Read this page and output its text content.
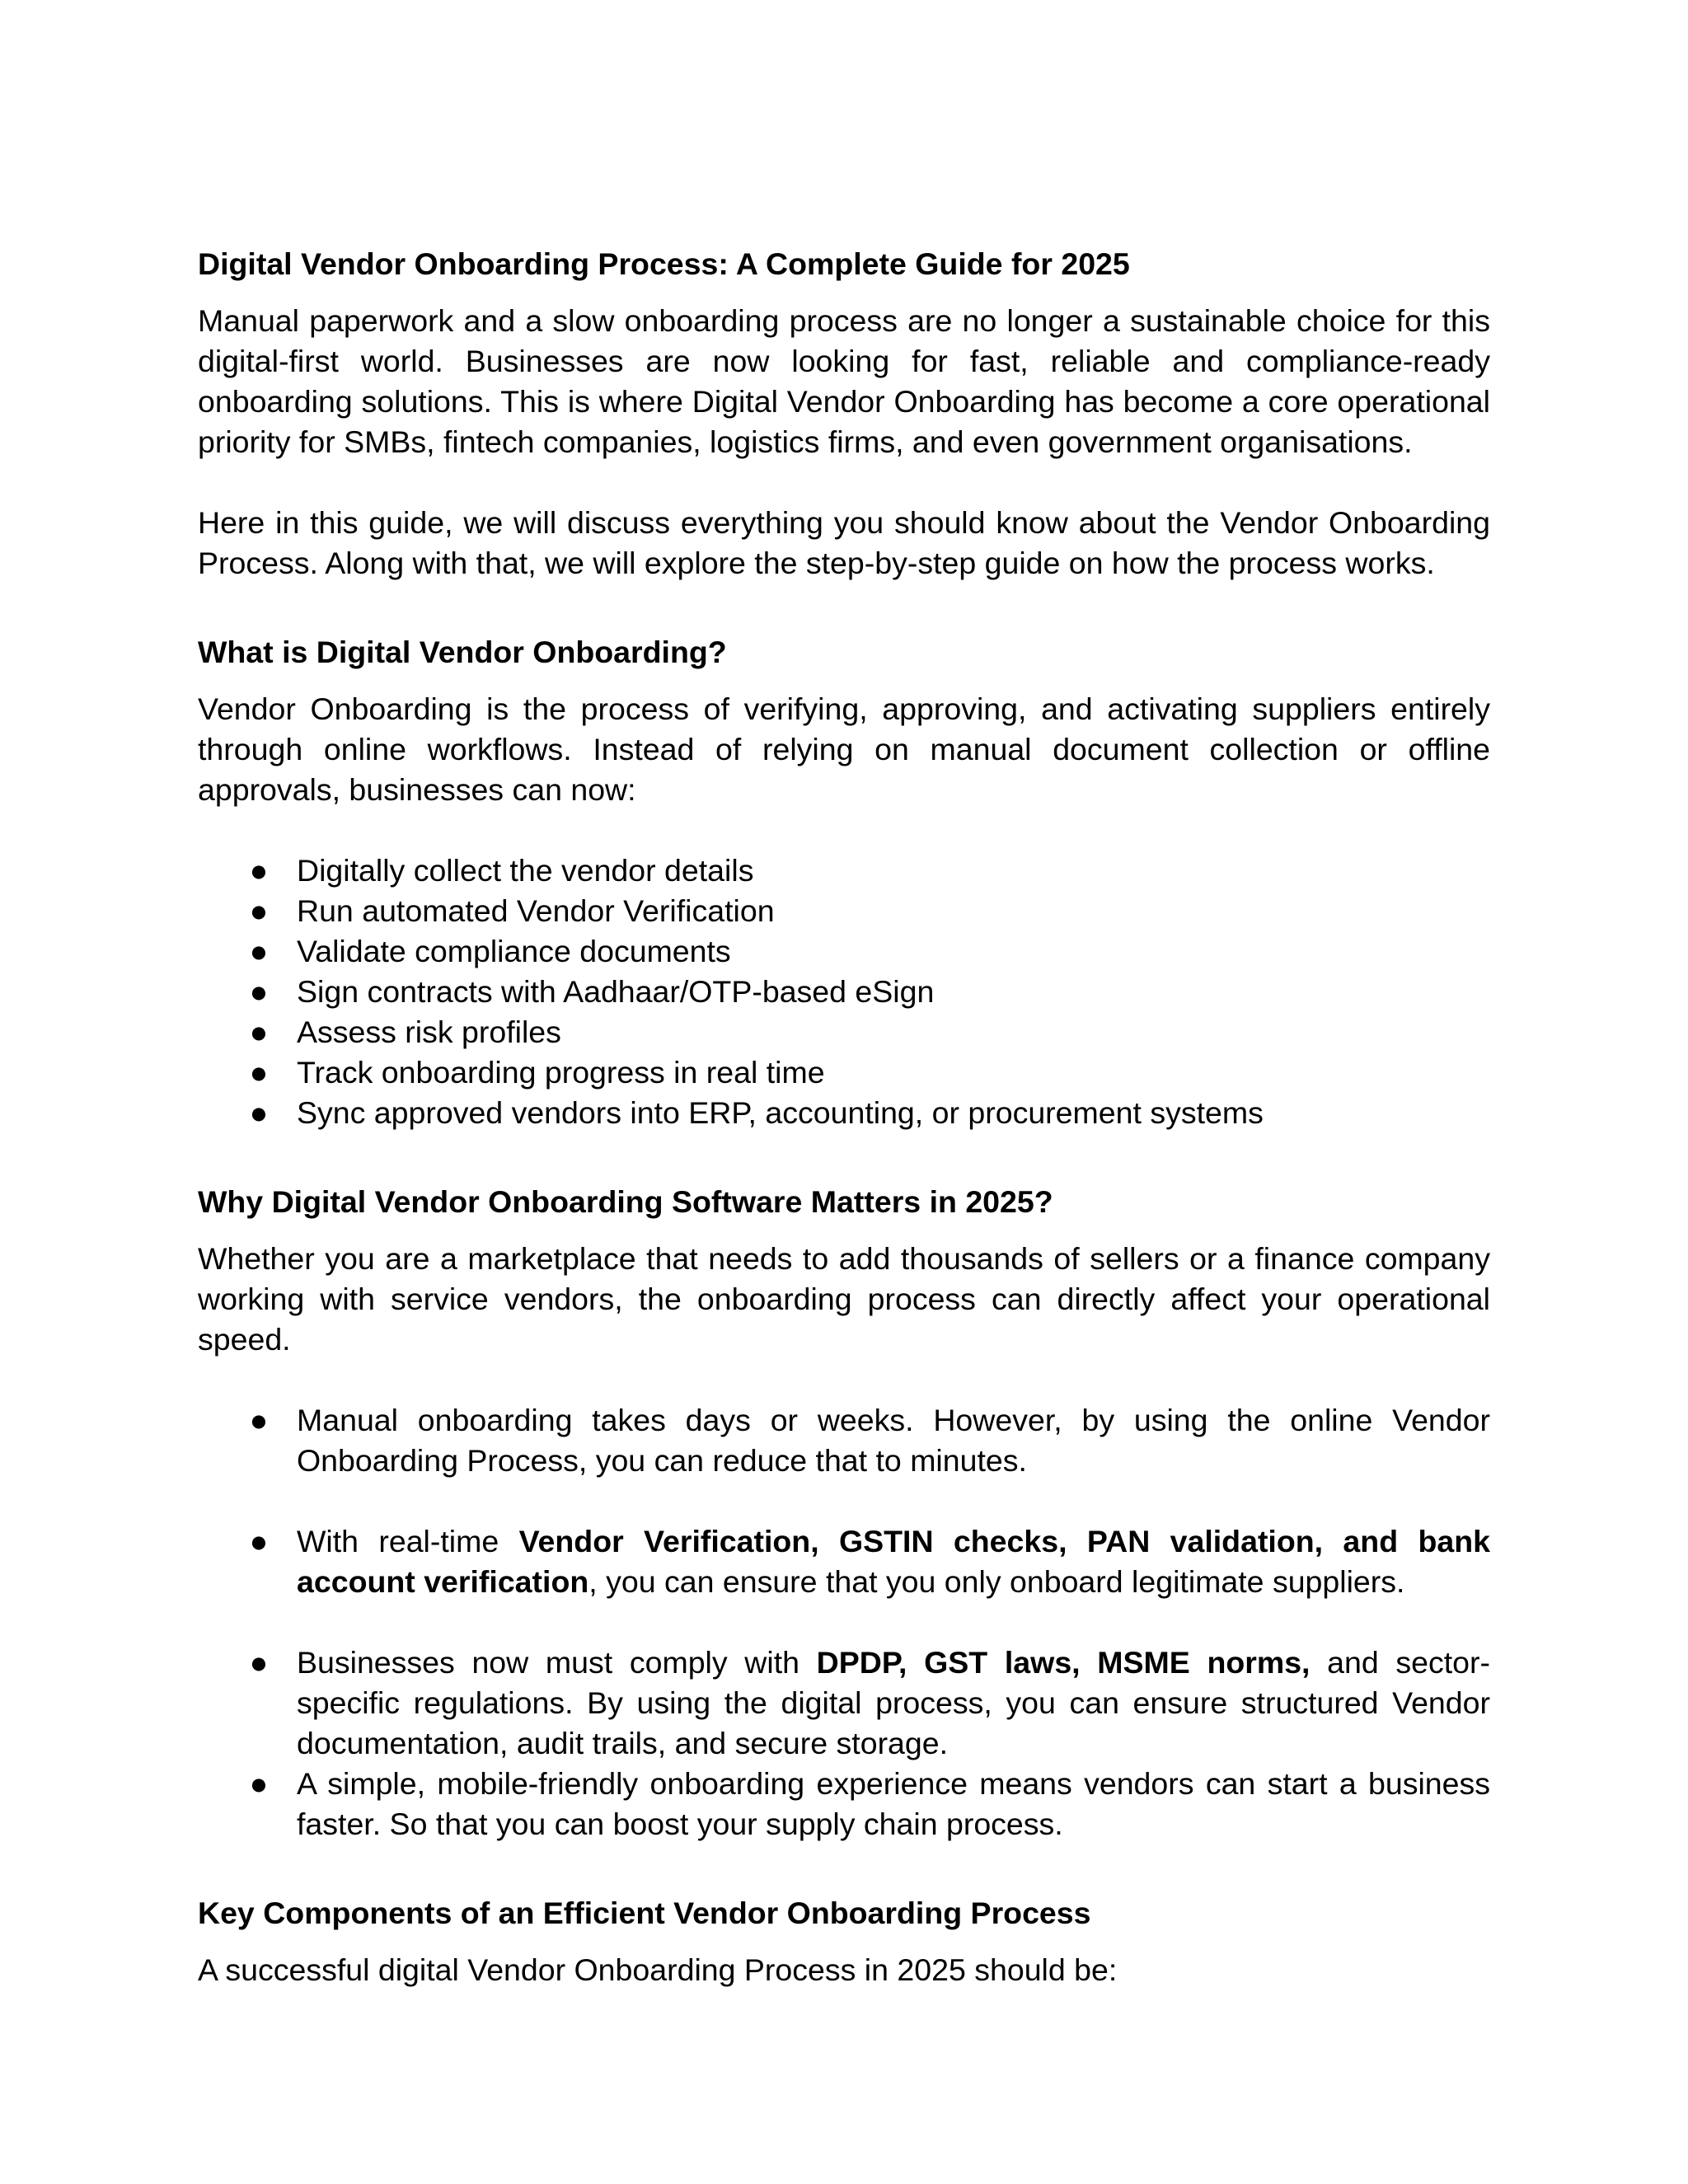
Digital Vendor Onboarding Process: A Complete Guide for 2025

Manual paperwork and a slow onboarding process are no longer a sustainable choice for this digital-first world. Businesses are now looking for fast, reliable and compliance-ready onboarding solutions. This is where Digital Vendor Onboarding has become a core operational priority for SMBs, fintech companies, logistics firms, and even government organisations.

Here in this guide, we will discuss everything you should know about the Vendor Onboarding Process. Along with that, we will explore the step-by-step guide on how the process works.

What is Digital Vendor Onboarding?

Vendor Onboarding is the process of verifying, approving, and activating suppliers entirely through online workflows. Instead of relying on manual document collection or offline approvals, businesses can now:

● Digitally collect the vendor details
● Run automated Vendor Verification
● Validate compliance documents
● Sign contracts with Aadhaar/OTP-based eSign
● Assess risk profiles
● Track onboarding progress in real time
● Sync approved vendors into ERP, accounting, or procurement systems
Why Digital Vendor Onboarding Software Matters in 2025?

Whether you are a marketplace that needs to add thousands of sellers or a finance company working with service vendors, the onboarding process can directly affect your operational speed.

● Manual onboarding takes days or weeks. However, by using the online Vendor Onboarding Process, you can reduce that to minutes.
● With real-time Vendor Verification, GSTIN checks, PAN validation, and bank account verification, you can ensure that you only onboard legitimate suppliers.
● Businesses now must comply with DPDP, GST laws, MSME norms, and sector-specific regulations. By using the digital process, you can ensure structured Vendor documentation, audit trails, and secure storage.
● A simple, mobile-friendly onboarding experience means vendors can start a business faster. So that you can boost your supply chain process.
Key Components of an Efficient Vendor Onboarding Process

A successful digital Vendor Onboarding Process in 2025 should be:
